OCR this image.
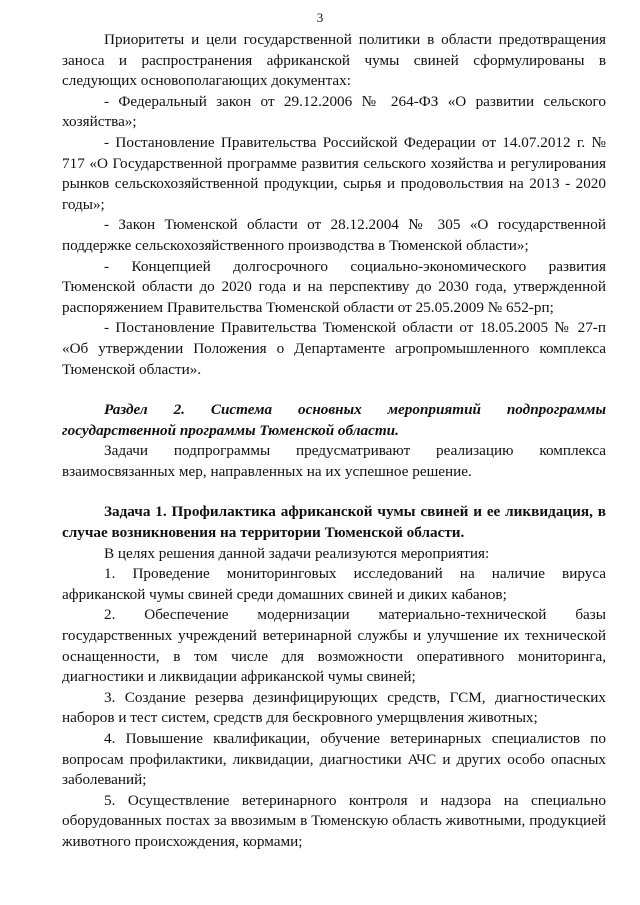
3

Приоритеты и цели государственной политики в области предотвращения заноса и распространения африканской чумы свиней сформулированы в следующих основополагающих документах:

- Федеральный закон от 29.12.2006 № 264-ФЗ «О развитии сельского хозяйства»;

- Постановление Правительства Российской Федерации от 14.07.2012 г. № 717 «О Государственной программе развития сельского хозяйства и регулирования рынков сельскохозяйственной продукции, сырья и продовольствия на 2013 - 2020 годы»;

- Закон Тюменской области от 28.12.2004 № 305 «О государственной поддержке сельскохозяйственного производства в Тюменской области»;

- Концепцией долгосрочного социально-экономического развития Тюменской области до 2020 года и на перспективу до 2030 года, утвержденной распоряжением Правительства Тюменской области от 25.05.2009 № 652-рп;

- Постановление Правительства Тюменской области от 18.05.2005 № 27-п «Об утверждении Положения о Департаменте агропромышленного комплекса Тюменской области».

Раздел 2. Система основных мероприятий подпрограммы
государственной программы Тюменской области.

Задачи подпрограммы предусматривают реализацию комплекса взаимосвязанных мер, направленных на их успешное решение.

Задача 1. Профилактика африканской чумы свиней и ее ликвидация, в случае возникновения на территории Тюменской области.

В целях решения данной задачи реализуются мероприятия:

1. Проведение мониторинговых исследований на наличие вируса африканской чумы свиней среди домашних свиней и диких кабанов;

2. Обеспечение модернизации материально-технической базы государственных учреждений ветеринарной службы и улучшение их технической оснащенности, в том числе для возможности оперативного мониторинга, диагностики и ликвидации африканской чумы свиней;

3. Создание резерва дезинфицирующих средств, ГСМ, диагностических наборов и тест систем, средств для бескровного умерщвления животных;

4. Повышение квалификации, обучение ветеринарных специалистов по вопросам профилактики, ликвидации, диагностики АЧС и других особо опасных заболеваний;

5. Осуществление ветеринарного контроля и надзора на специально оборудованных постах за ввозимым в Тюменскую область животными, продукцией животного происхождения, кормами;
